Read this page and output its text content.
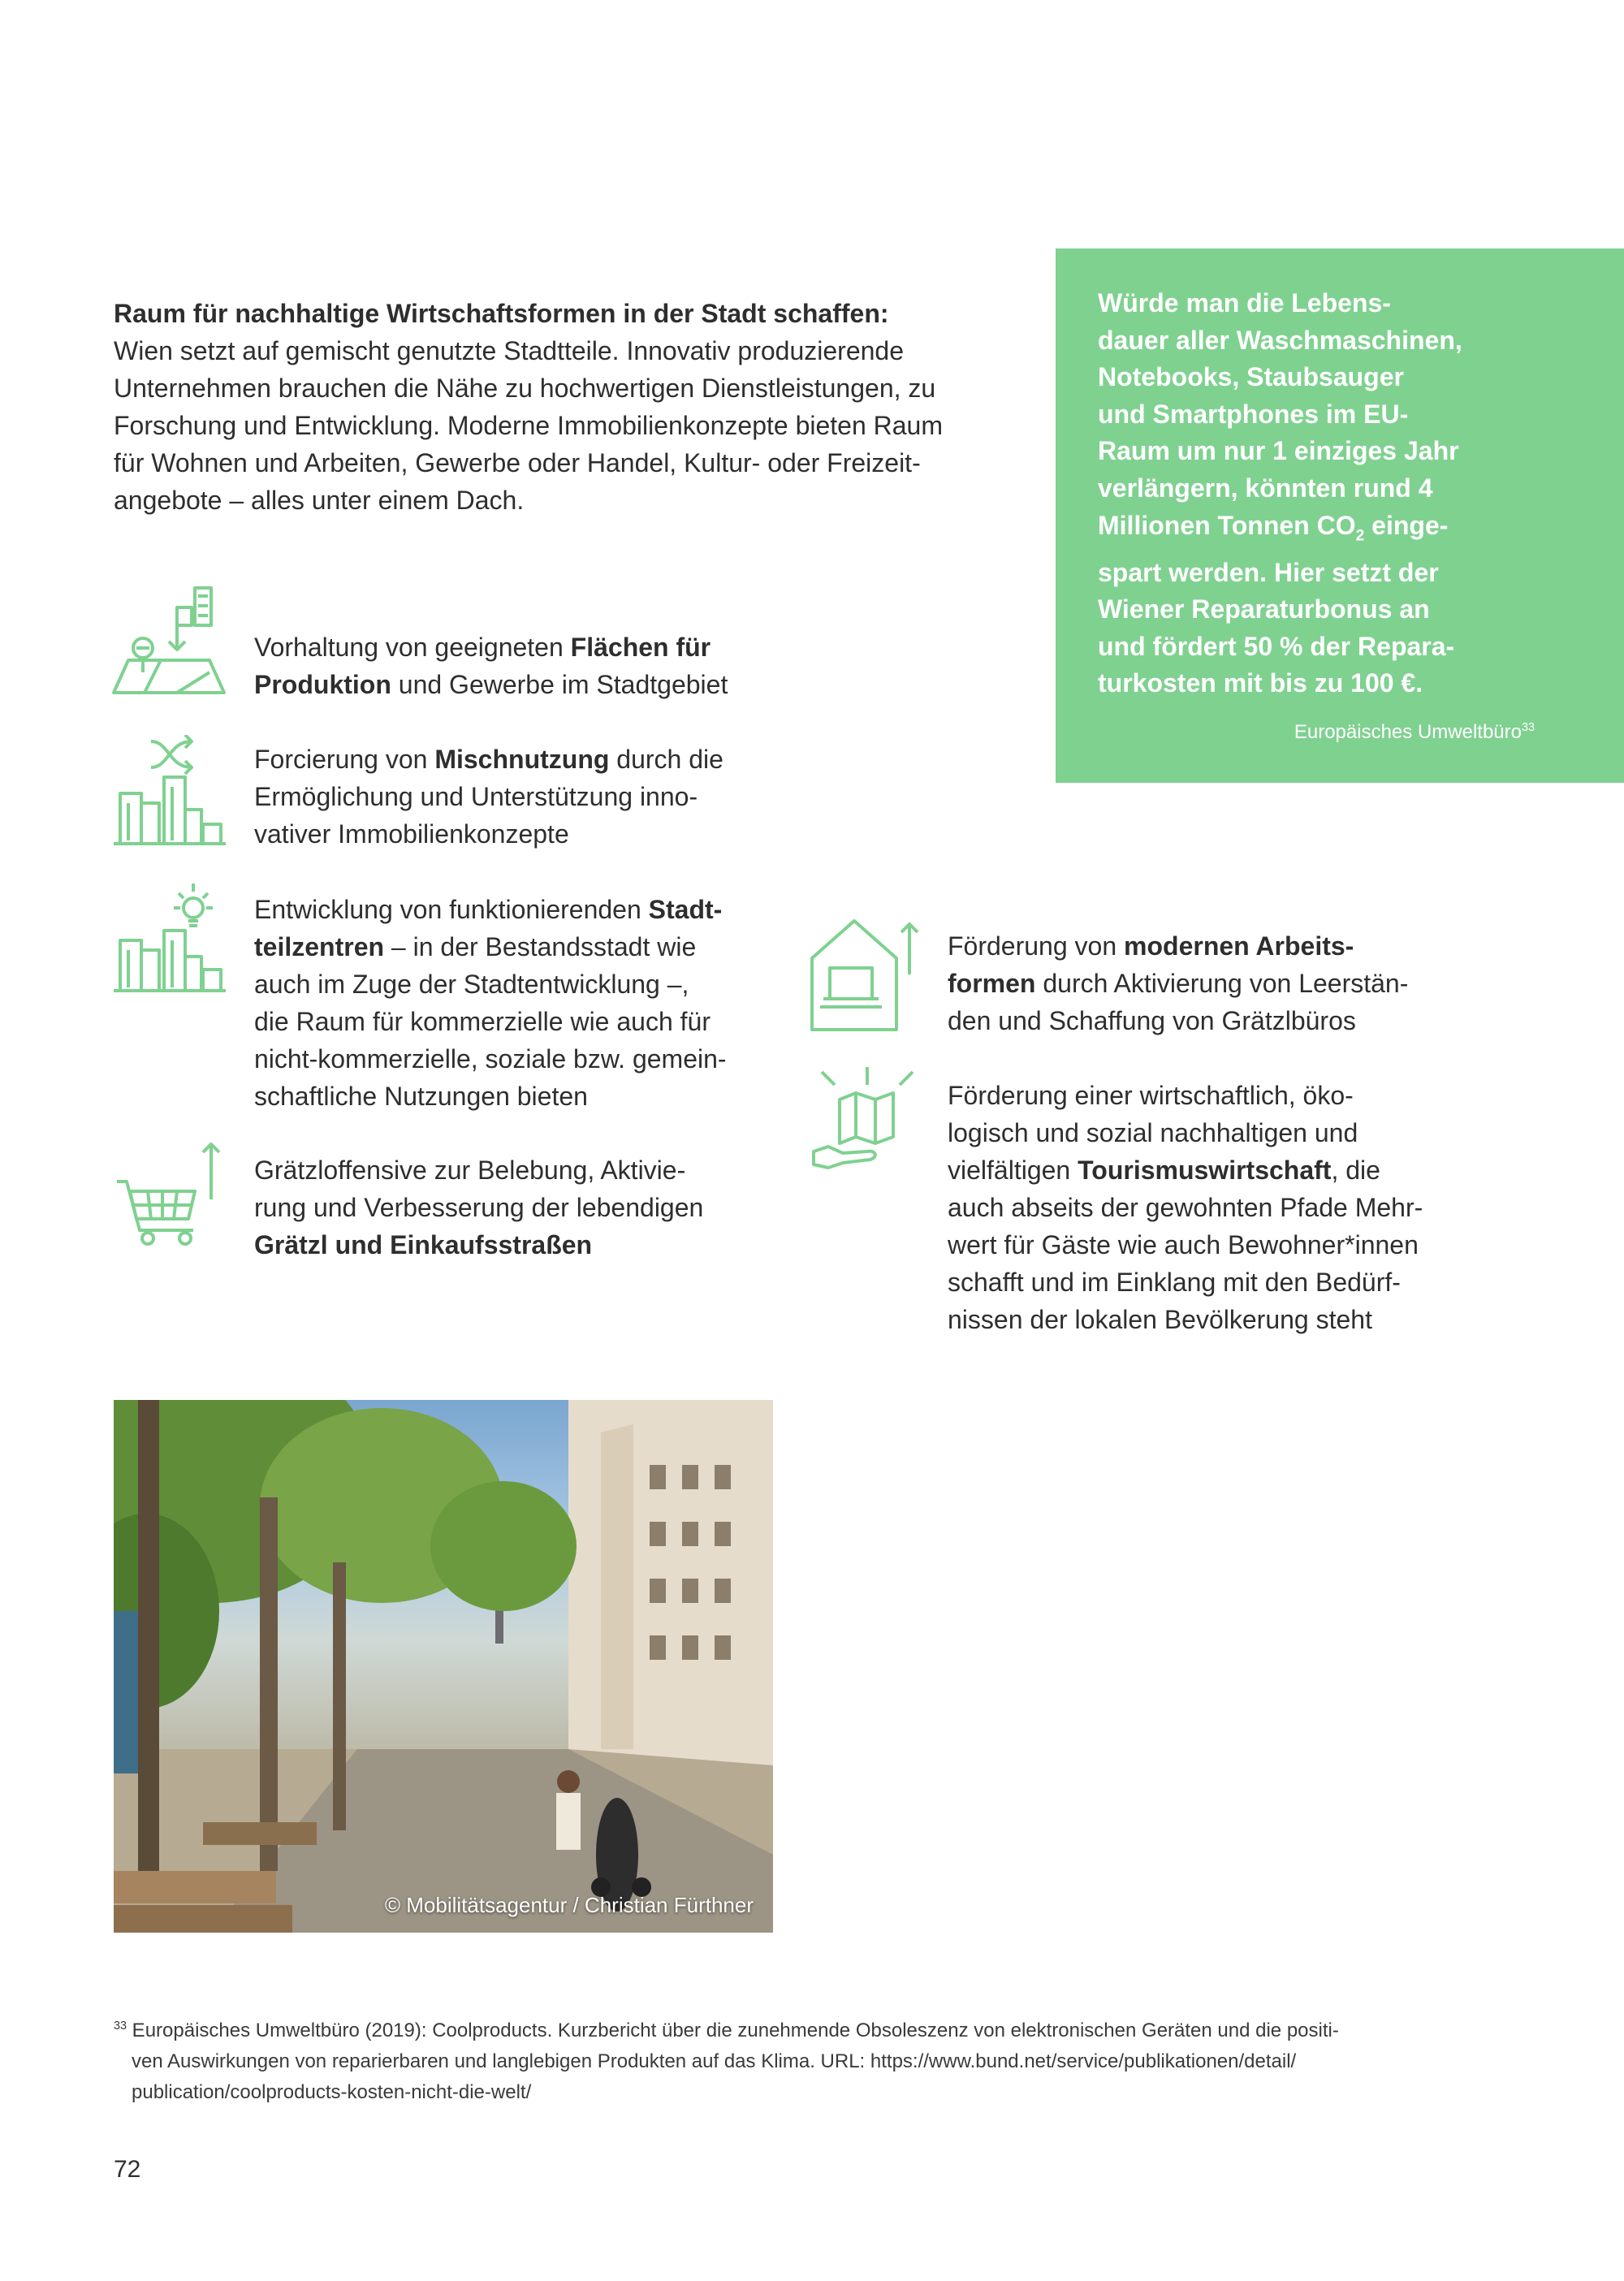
Raum für nachhaltige Wirtschaftsformen in der Stadt schaffen:
Wien setzt auf gemischt genutzte Stadtteile. Innovativ produzierende
Unternehmen brauchen die Nähe zu hochwertigen Dienstleistungen, zu
Forschung und Entwicklung. Moderne Immobilienkonzepte bieten Raum
für Wohnen und Arbeiten, Gewerbe oder Handel, Kultur- oder Freizeit-
angebote – alles unter einem Dach.
Würde man die Lebens-
dauer aller Waschmaschinen,
Notebooks, Staubsauger
und Smartphones im EU-
Raum um nur 1 einziges Jahr
verlängern, könnten rund 4
Millionen Tonnen $CO_2$ einge-
spart werden. Hier setzt der
Wiener Reparaturbonus an
und fördert 50 % der Repara-
turkosten mit bis zu 100 €.
Europäisches Umweltbüro$^{33}$
Vorhaltung von geeigneten Flächen für
Produktion und Gewerbe im Stadtgebiet
Forcierung von Mischnutzung durch die
Ermöglichung und Unterstützung inno-
vativer Immobilienkonzepte
Entwicklung von funktionierenden Stadt-
teilzentren – in der Bestandsstadt wie
auch im Zuge der Stadtentwicklung –,
die Raum für kommerzielle wie auch für
nicht-kommerzielle, soziale bzw. gemein-
schaftliche Nutzungen bieten
Grätzloffensive zur Belebung, Aktivie-
rung und Verbesserung der lebendigen
Grätzl und Einkaufsstraßen
Förderung von modernen Arbeits-
formen durch Aktivierung von Leerstän-
den und Schaffung von Grätzlbüros
Förderung einer wirtschaftlich, öko-
logisch und sozial nachhaltigen und
vielfältigen Tourismuswirtschaft, die
auch abseits der gewohnten Pfade Mehr-
wert für Gäste wie auch Bewohner*innen
schafft und im Einklang mit den Bedürf-
nissen der lokalen Bevölkerung steht
© Mobilitätsagentur / Christian Fürthner
$^{33}$ Europäisches Umweltbüro (2019): Coolproducts. Kurzbericht über die zunehmende Obsoleszenz von elektronischen Geräten und die positi-
ven Auswirkungen von reparierbaren und langlebigen Produkten auf das Klima. URL: https://www.bund.net/service/publikationen/detail/
publication/coolproducts-kosten-nicht-die-welt/
72
